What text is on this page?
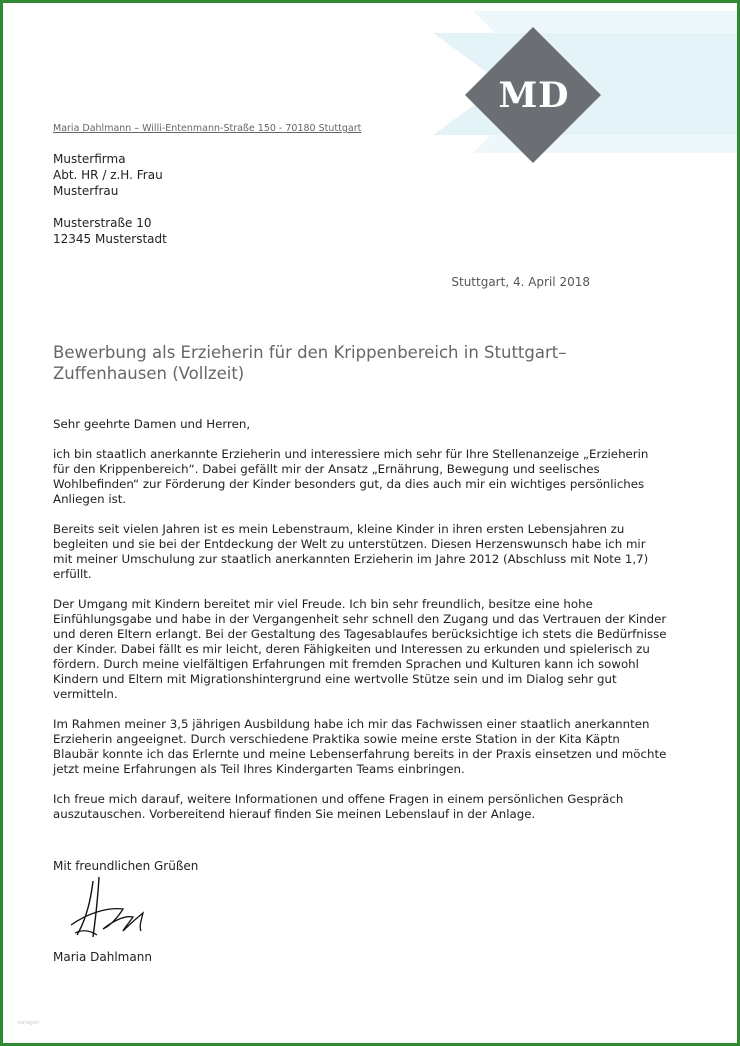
MD
Maria Dahlmann – Willi-Entenmann-Straße 150 - 70180 Stuttgart
Musterfirma
Abt. HR / z.H. Frau
Musterfrau
Musterstraße 10
12345 Musterstadt
Stuttgart, 4. April 2018
Bewerbung als Erzieherin für den Krippenbereich in Stuttgart–Zuffenhausen (Vollzeit)

Sehr geehrte Damen und Herren,

ich bin staatlich anerkannte Erzieherin und interessiere mich sehr für Ihre Stellenanzeige „Erzieherin für den Krippenbereich“. Dabei gefällt mir der Ansatz „Ernährung, Bewegung und seelisches Wohlbefinden“ zur Förderung der Kinder besonders gut, da dies auch mir ein wichtiges persönliches Anliegen ist.

Bereits seit vielen Jahren ist es mein Lebenstraum, kleine Kinder in ihren ersten Lebensjahren zu begleiten und sie bei der Entdeckung der Welt zu unterstützen. Diesen Herzenswunsch habe ich mir mit meiner Umschulung zur staatlich anerkannten Erzieherin im Jahre 2012 (Abschluss mit Note 1,7) erfüllt.

Der Umgang mit Kindern bereitet mir viel Freude. Ich bin sehr freundlich, besitze eine hohe Einfühlungsgabe und habe in der Vergangenheit sehr schnell den Zugang und das Vertrauen der Kinder und deren Eltern erlangt. Bei der Gestaltung des Tagesablaufes berücksichtige ich stets die Bedürfnisse der Kinder. Dabei fällt es mir leicht, deren Fähigkeiten und Interessen zu erkunden und spielerisch zu fördern. Durch meine vielfältigen Erfahrungen mit fremden Sprachen und Kulturen kann ich sowohl Kindern und Eltern mit Migrationshintergrund eine wertvolle Stütze sein und im Dialog sehr gut vermitteln.

Im Rahmen meiner 3,5 jährigen Ausbildung habe ich mir das Fachwissen einer staatlich anerkannten Erzieherin angeeignet. Durch verschiedene Praktika sowie meine erste Station in der Kita Käptn Blaubär konnte ich das Erlernte und meine Lebenserfahrung bereits in der Praxis einsetzen und möchte jetzt meine Erfahrungen als Teil Ihres Kindergarten Teams einbringen.

Ich freue mich darauf, weitere Informationen und offene Fragen in einem persönlichen Gespräch auszutauschen. Vorbereitend hierauf finden Sie meinen Lebenslauf in der Anlage.

Mit freundlichen Grüßen
Maria Dahlmann
vorlagen
